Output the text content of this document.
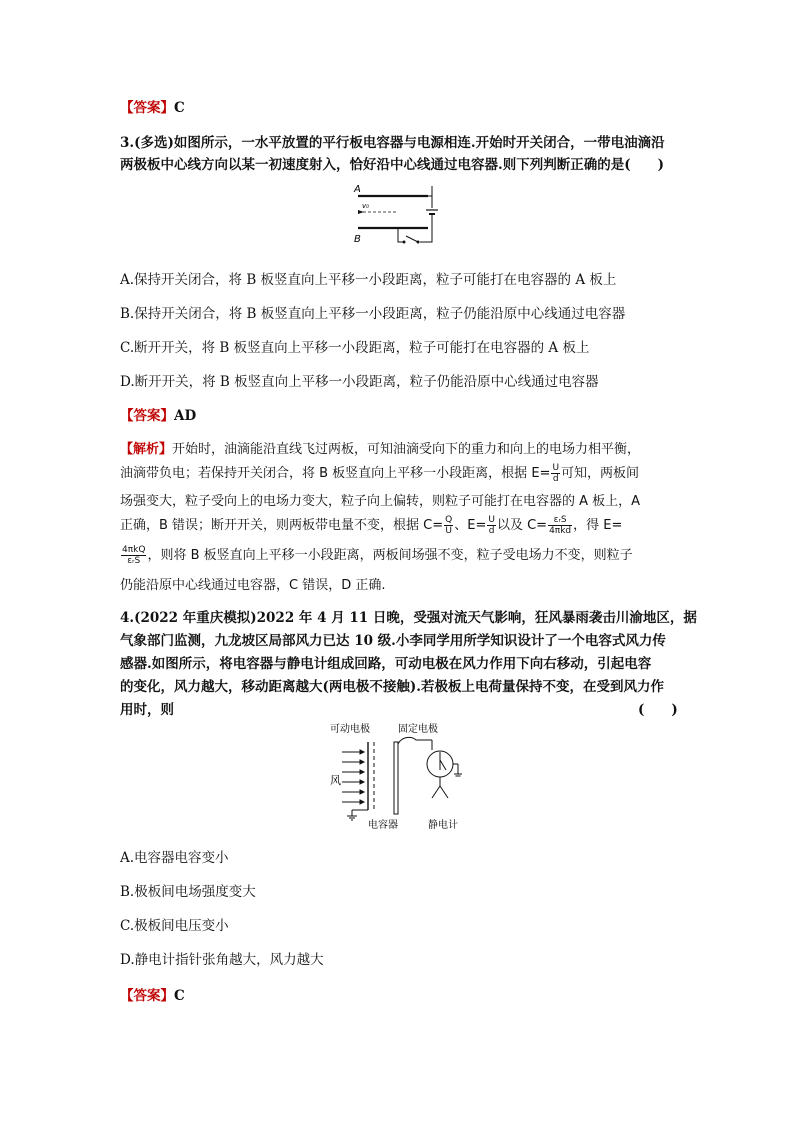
【答案】C
3.(多选)如图所示，一水平放置的平行板电容器与电源相连.开始时开关闭合，一带电油滴沿
两极板中心线方向以某一初速度射入，恰好沿中心线通过电容器.则下列判断正确的是(　　)
A
v₀
B
A.保持开关闭合，将 B 板竖直向上平移一小段距离，粒子可能打在电容器的 A 板上
B.保持开关闭合，将 B 板竖直向上平移一小段距离，粒子仍能沿原中心线通过电容器
C.断开开关，将 B 板竖直向上平移一小段距离，粒子可能打在电容器的 A 板上
D.断开开关，将 B 板竖直向上平移一小段距离，粒子仍能沿原中心线通过电容器
【答案】AD
【解析】开始时，油滴能沿直线飞过两板，可知油滴受向下的重力和向上的电场力相平衡，
油滴带负电；若保持开关闭合，将 B 板竖直向上平移一小段距离，根据 $E= \frac{U}{d}$ 可知，两板间
场强变大，粒子受向上的电场力变大，粒子向上偏转，则粒子可能打在电容器的 A 板上，A
正确，B 错误；断开开关，则两板带电量不变，根据 $C= \frac{Q}{U}$ 、$E= \frac{U}{d}$ 以及 $C= \frac{\text{εᵣS}}{\text{4πkd}}$ ，得 E=
$\frac{\text{4πkQ}}{\text{εᵣS}}$ ，则将 B 板竖直向上平移一小段距离，两板间场强不变，粒子受电场力不变，则粒子
仍能沿原中心线通过电容器，C 错误，D 正确.
4.(2022 年重庆模拟)2022 年 4 月 11 日晚，受强对流天气影响，狂风暴雨袭击川渝地区，据
气象部门监测，九龙坡区局部风力已达 10 级.小李同学用所学知识设计了一个电容式风力传
感器.如图所示，将电容器与静电计组成回路，可动电极在风力作用下向右移动，引起电容
的变化，风力越大，移动距离越大(两电极不接触).若极板上电荷量保持不变，在受到风力作
用时，则	(　　)
可动电极	固定电极
风
电容器	静电计
A.电容器电容变小
B.极板间电场强度变大
C.极板间电压变小
D.静电计指针张角越大，风力越大
【答案】C
